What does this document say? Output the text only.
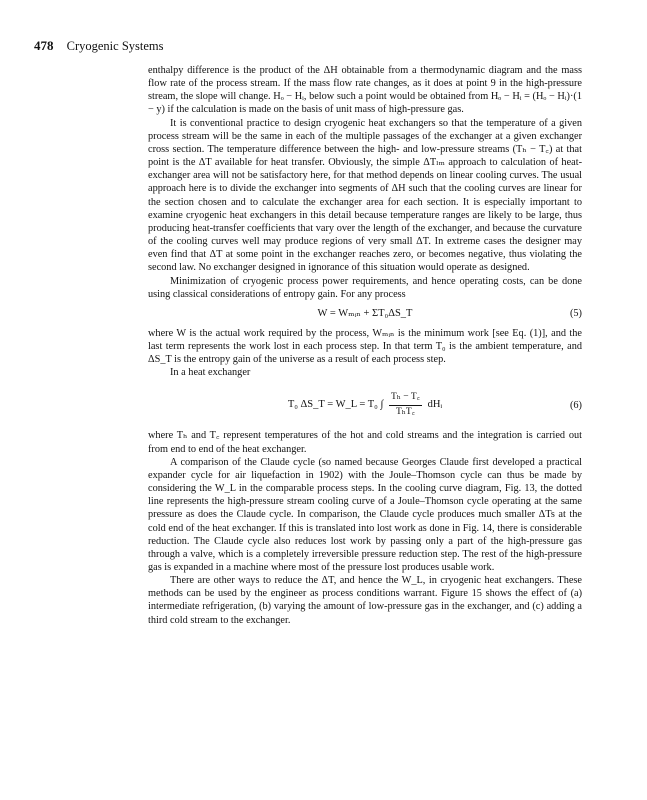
478 Cryogenic Systems

enthalpy difference is the product of the ΔH obtainable from a thermodynamic diagram and the mass flow rate of the process stream. If the mass flow rate changes, as it does at point 9 in the high-pressure stream, the slope will change. Hₒ − Hᵢ, below such a point would be obtained from Hₒ − Hᵢ = (Hₒ − Hᵢ)·(1 − y) if the calculation is made on the basis of unit mass of high-pressure gas.

It is conventional practice to design cryogenic heat exchangers so that the temperature of a given process stream will be the same in each of the multiple passages of the exchanger at a given exchanger cross section. The temperature difference between the high- and low-pressure streams (Tₕ − T꜀) at that point is the ΔT available for heat transfer. Obviously, the simple ΔTₗₘ approach to calculation of heat-exchanger area will not be satisfactory here, for that method depends on linear cooling curves. The usual approach here is to divide the exchanger into segments of ΔH such that the cooling curves are linear for the section chosen and to calculate the exchanger area for each section. It is especially important to examine cryogenic heat exchangers in this detail because temperature ranges are likely to be large, thus producing heat-transfer coefficients that vary over the length of the exchanger, and because the curvature of the cooling curves well may produce regions of very small ΔT. In extreme cases the designer may even find that ΔT at some point in the exchanger reaches zero, or becomes negative, thus violating the second law. No exchanger designed in ignorance of this situation would operate as designed.

Minimization of cryogenic process power requirements, and hence operating costs, can be done using classical considerations of entropy gain. For any process

W = Wₘᵢₙ + ΣT₀ΔS_T	(5)

where W is the actual work required by the process, Wₘᵢₙ is the minimum work [see Eq. (1)], and the last term represents the work lost in each process step. In that term T₀ is the ambient temperature, and ΔS_T is the entropy gain of the universe as a result of each process step.

In a heat exchanger

T₀ ΔS_T = W_L = T₀ ∫ $\frac{\text{Tₕ − T꜀}}{\text{TₕT꜀}}$ dHᵢ	(6)

where Tₕ and T꜀ represent temperatures of the hot and cold streams and the integration is carried out from end to end of the heat exchanger.

A comparison of the Claude cycle (so named because Georges Claude first developed a practical expander cycle for air liquefaction in 1902) with the Joule–Thomson cycle can thus be made by considering the W_L in the comparable process steps. In the cooling curve diagram, Fig. 13, the dotted line represents the high-pressure stream cooling curve of a Joule–Thomson cycle operating at the same pressure as does the Claude cycle. In comparison, the Claude cycle produces much smaller ΔTs at the cold end of the heat exchanger. If this is translated into lost work as done in Fig. 14, there is considerable reduction. The Claude cycle also reduces lost work by passing only a part of the high-pressure gas through a valve, which is a completely irreversible pressure reduction step. The rest of the high-pressure gas is expanded in a machine where most of the pressure lost produces usable work.

There are other ways to reduce the ΔT, and hence the W_L, in cryogenic heat exchangers. These methods can be used by the engineer as process conditions warrant. Figure 15 shows the effect of (a) intermediate refrigeration, (b) varying the amount of low-pressure gas in the exchanger, and (c) adding a third cold stream to the exchanger.
